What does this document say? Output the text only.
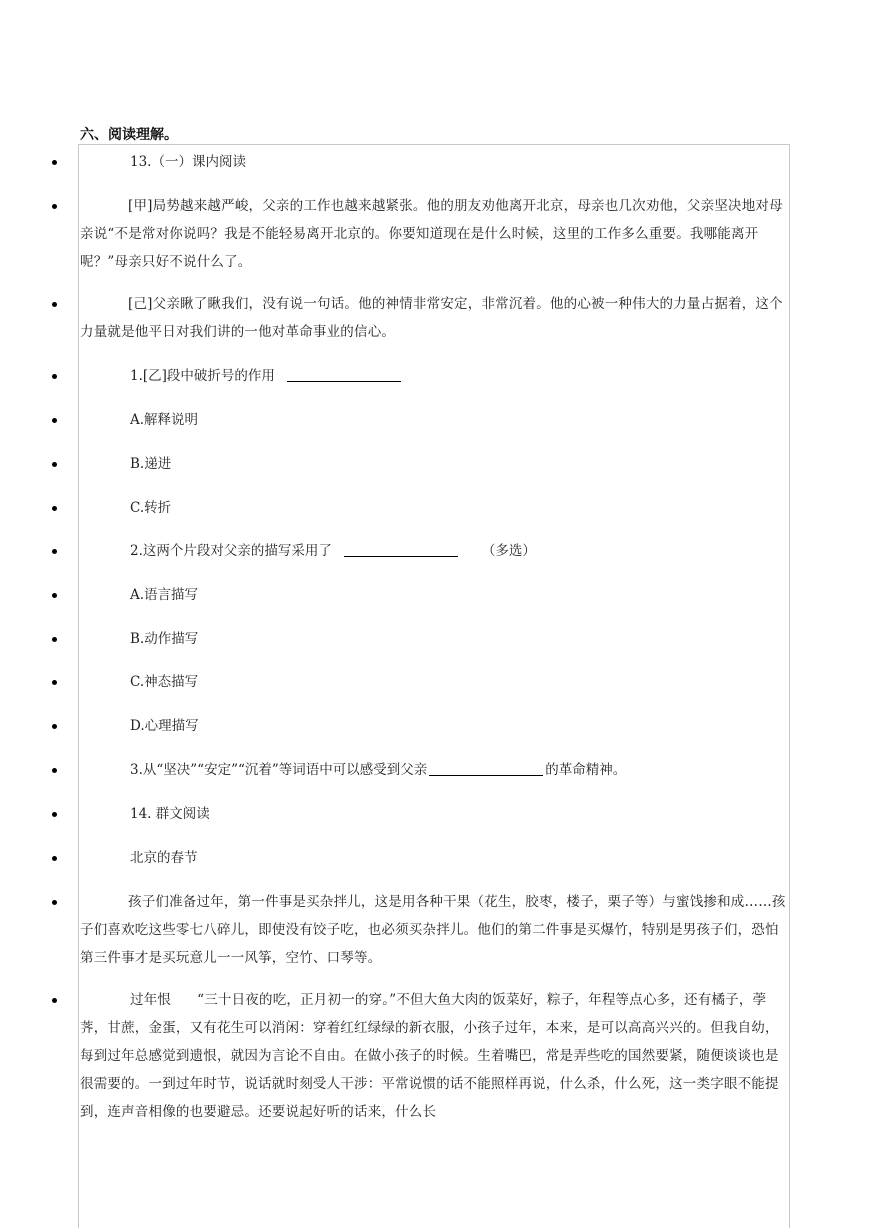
六、阅读理解。
13.（一）课内阅读
[甲]局势越来越严峻，父亲的工作也越来越紧张。他的朋友劝他离开北京，母亲也几次劝他，父亲坚决地对母亲说“不是常对你说吗？我是不能轻易离开北京的。你要知道现在是什么时候，这里的工作多么重要。我哪能离开呢？”母亲只好不说什么了。
[己]父亲瞅了瞅我们，没有说一句话。他的神情非常安定，非常沉着。他的心被一种伟大的力量占据着，这个力量就是他平日对我们讲的一他对革命事业的信心。
1.[乙]段中破折号的作用
A.解释说明
B.递进
C.转折
2.这两个片段对父亲的描写采用了	（多选）
A.语言描写
B.动作描写
C.神态描写
D.心理描写
3.从“坚决”“安定”“沉着”等词语中可以感受到父亲	的革命精神。
14. 群文阅读
北京的春节
孩子们准备过年，第一件事是买杂拌儿，这是用各种干果（花生，胶枣，楼子，栗子等）与蜜饯掺和成……孩子们喜欢吃这些零七八碎儿，即使没有饺子吃，也必须买杂拌儿。他们的第二件事是买爆竹，特别是男孩子们，恐怕第三件事才是买玩意儿一一风筝，空竹、口琴等。
过年恨 “三十日夜的吃，正月初一的穿。”不但大鱼大肉的饭菜好，粽子，年程等点心多，还有橘子，荸荠，甘蔗，金蛋，又有花生可以消闲：穿着红红绿绿的新衣服，小孩子过年，本来，是可以高高兴兴的。但我自幼，每到过年总感觉到遗恨，就因为言论不自由。在做小孩子的时候。生着嘴巴，常是弄些吃的国然要紧，随便谈谈也是很需要的。一到过年时节，说话就时刻受人干涉：平常说惯的话不能照样再说，什么杀，什么死，这一类字眼不能提到，连声音相像的也要避忌。还要说起好听的话来，什么长
